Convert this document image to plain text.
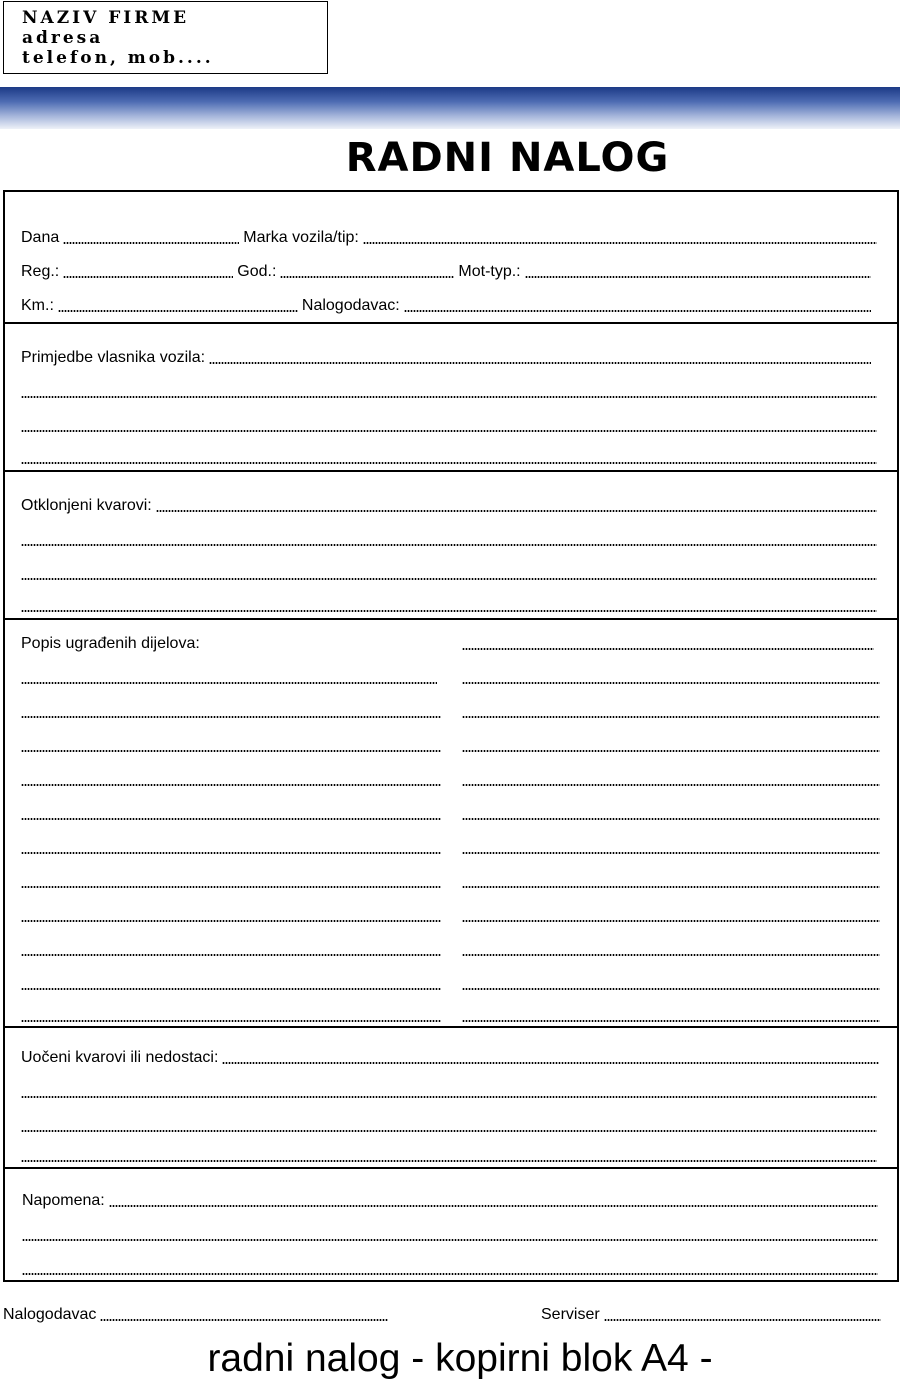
NAZIV FIRME
adresa
telefon, mob....
RADNI NALOG
Dana	Marka vozila/tip:
Reg.:	God.:	Mot-typ.:
Km.:	Nalogodavac:
Primjedbe vlasnika vozila:
Otklonjeni kvarovi:
Popis ugrađenih dijelova:
Uočeni kvarovi ili nedostaci:
Napomena:
Nalogodavac	Serviser
radni nalog - kopirni blok A4 -
